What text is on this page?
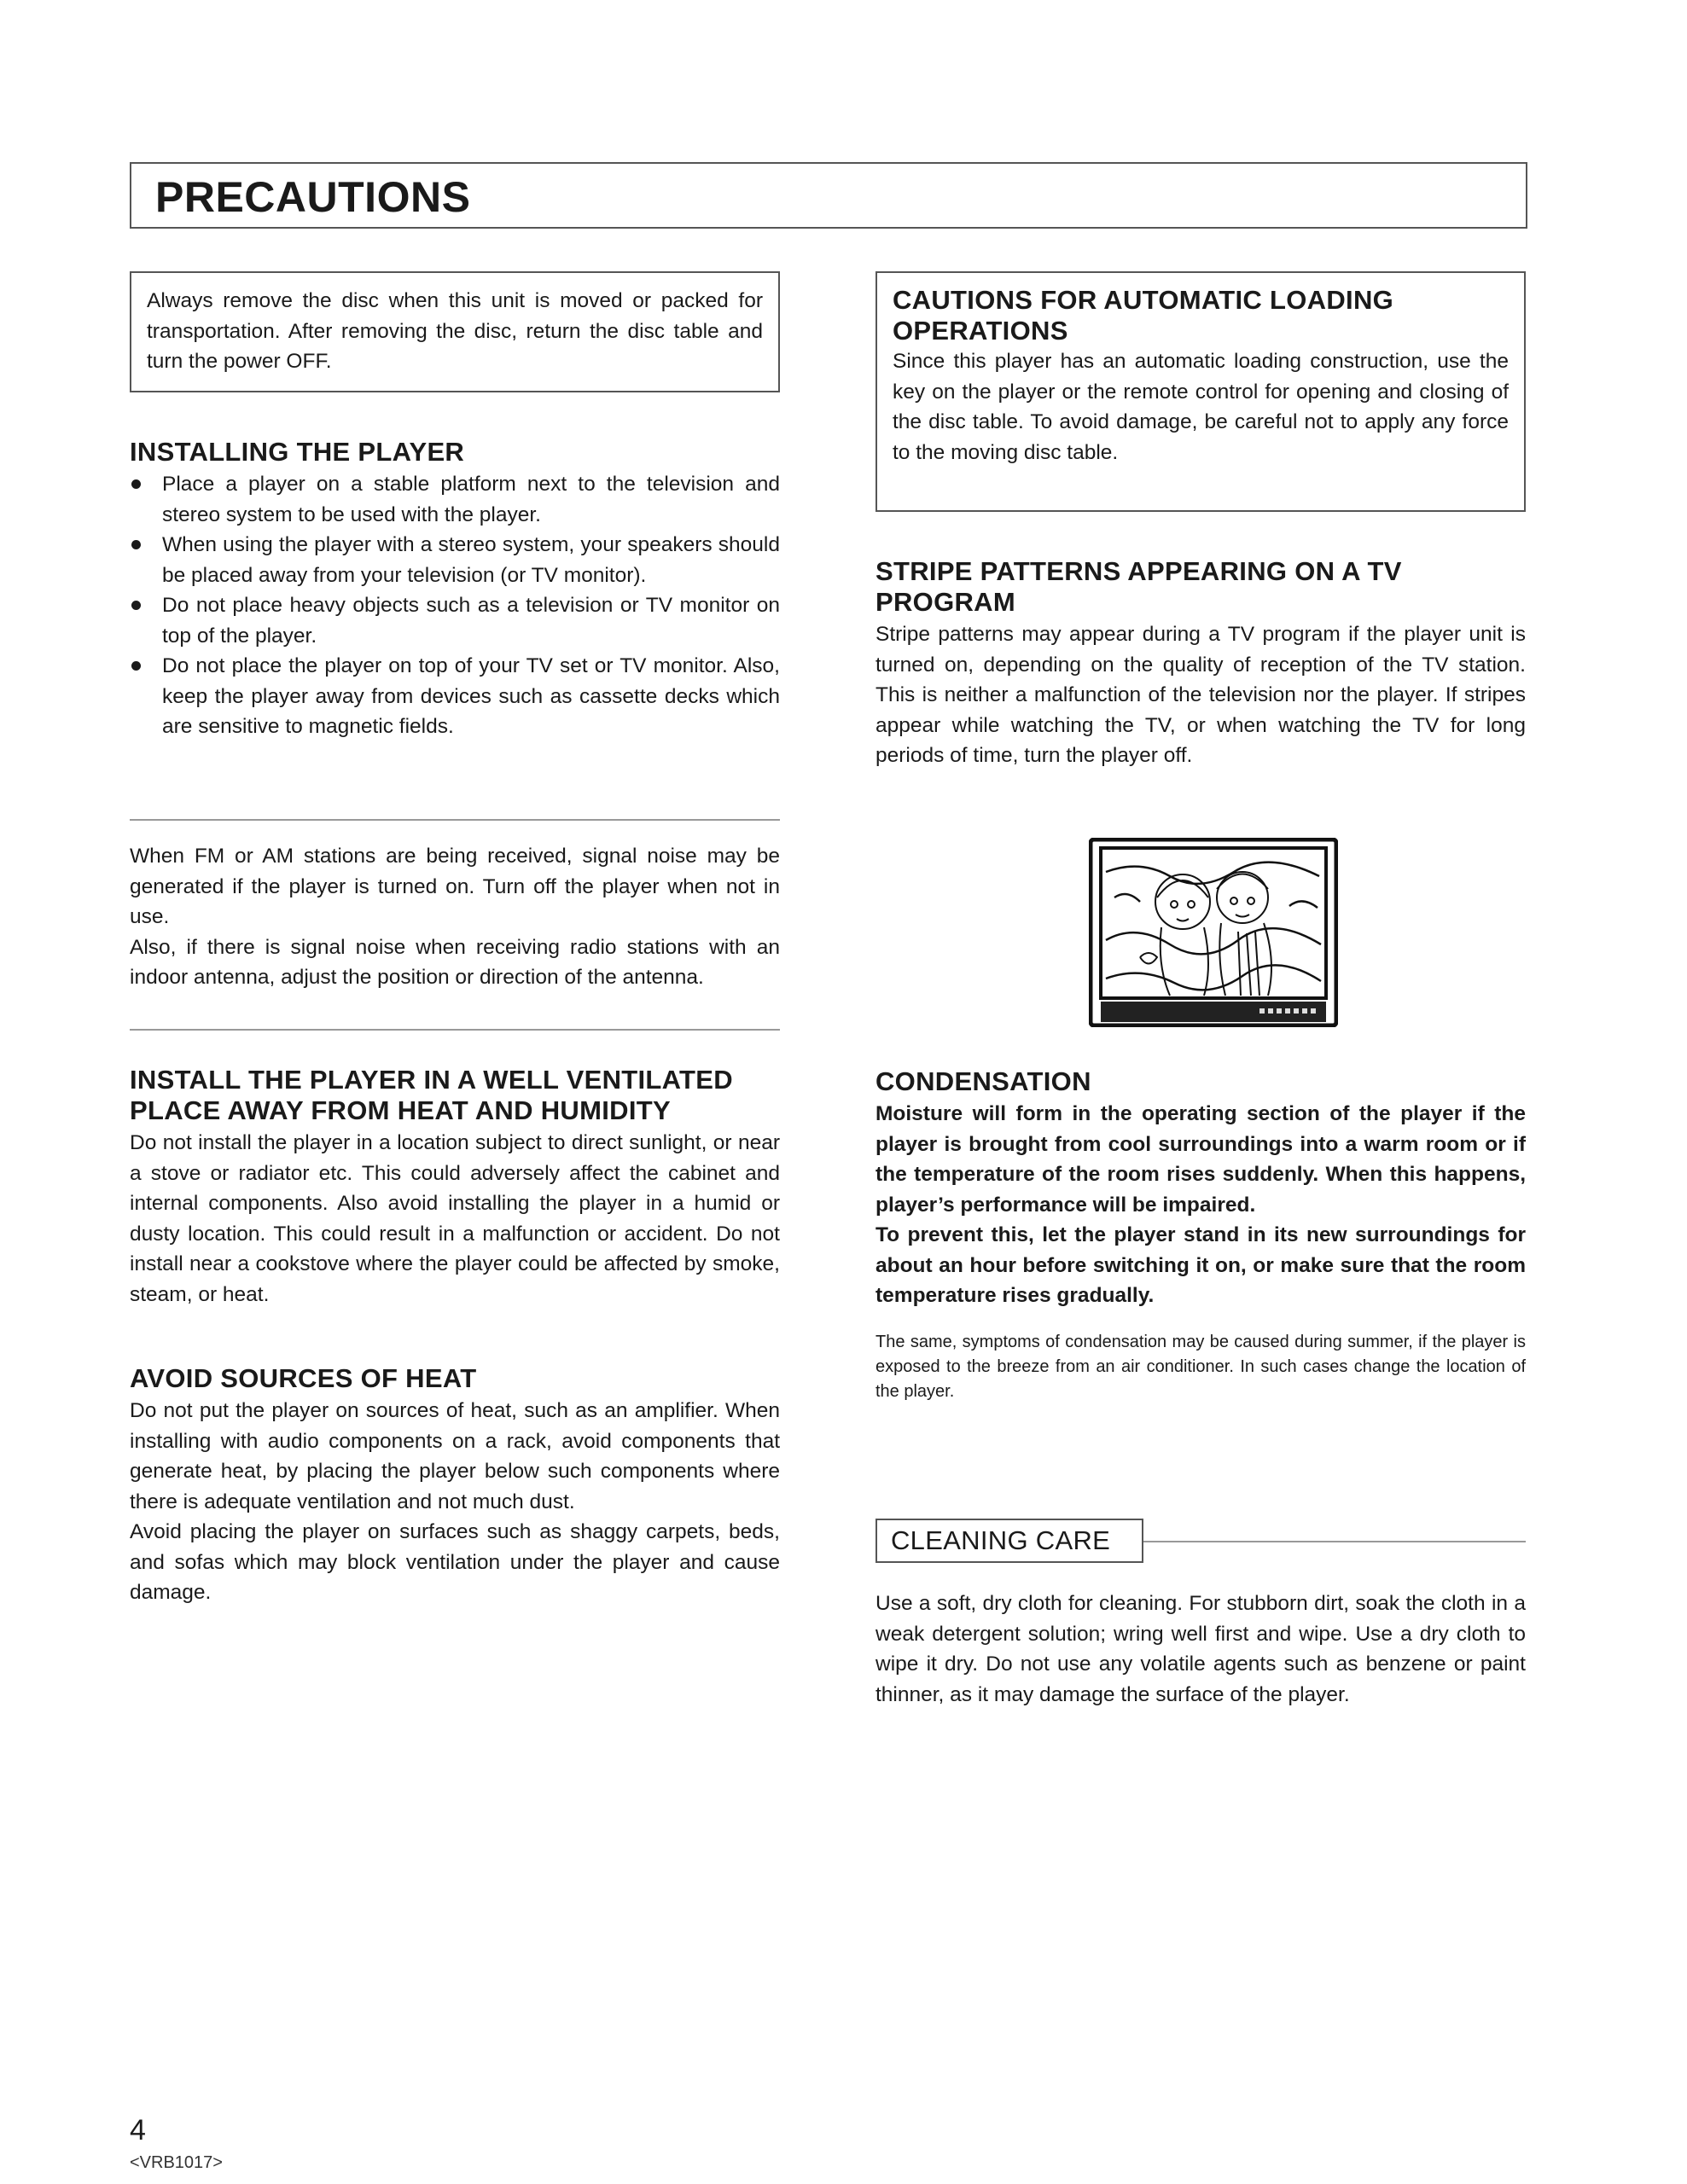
PRECAUTIONS

Always remove the disc when this unit is moved or packed for transportation. After removing the disc, return the disc table and turn the power OFF.

INSTALLING THE PLAYER
Place a player on a stable platform next to the television and stereo system to be used with the player.
When using the player with a stereo system, your speakers should be placed away from your television (or TV monitor).
Do not place heavy objects such as a television or TV monitor on top of the player.
Do not place the player on top of your TV set or TV monitor. Also, keep the player away from devices such as cassette decks which are sensitive to magnetic fields.

When FM or AM stations are being received, signal noise may be generated if the player is turned on. Turn off the player when not in use.

Also, if there is signal noise when receiving radio stations with an indoor antenna, adjust the position or direction of the antenna.

INSTALL THE PLAYER IN A WELL VENTILATED
PLACE AWAY FROM HEAT AND HUMIDITY

Do not install the player in a location subject to direct sunlight, or near a stove or radiator etc. This could adversely affect the cabinet and internal components. Also avoid installing the player in a humid or dusty location. This could result in a malfunction or accident. Do not install near a cookstove where the player could be affected by smoke, steam, or heat.

AVOID SOURCES OF HEAT

Do not put the player on sources of heat, such as an amplifier. When installing with audio components on a rack, avoid components that generate heat, by placing the player below such components where there is adequate ventilation and not much dust.

Avoid placing the player on surfaces such as shaggy carpets, beds, and sofas which may block ventilation under the player and cause damage.

CAUTIONS FOR AUTOMATIC LOADING
OPERATIONS

Since this player has an automatic loading construction, use the key on the player or the remote control for opening and closing of the disc table. To avoid damage, be careful not to apply any force to the moving disc table.

STRIPE PATTERNS APPEARING ON A TV
PROGRAM

Stripe patterns may appear during a TV program if the player unit is turned on, depending on the quality of reception of the TV station. This is neither a malfunction of the television nor the player. If stripes appear while watching the TV, or when watching the TV for long periods of time, turn the player off.

CONDENSATION

Moisture will form in the operating section of the player if the player is brought from cool surroundings into a warm room or if the temperature of the room rises suddenly. When this happens, player’s performance will be impaired.

To prevent this, let the player stand in its new surroundings for about an hour before switching it on, or make sure that the room temperature rises gradually.

The same, symptoms of condensation may be caused during summer, if the player is exposed to the breeze from an air conditioner. In such cases change the location of the player.

CLEANING CARE

Use a soft, dry cloth for cleaning. For stubborn dirt, soak the cloth in a weak detergent solution; wring well first and wipe. Use a dry cloth to wipe it dry. Do not use any volatile agents such as benzene or paint thinner, as it may damage the surface of the player.

4
<VRB1017>
